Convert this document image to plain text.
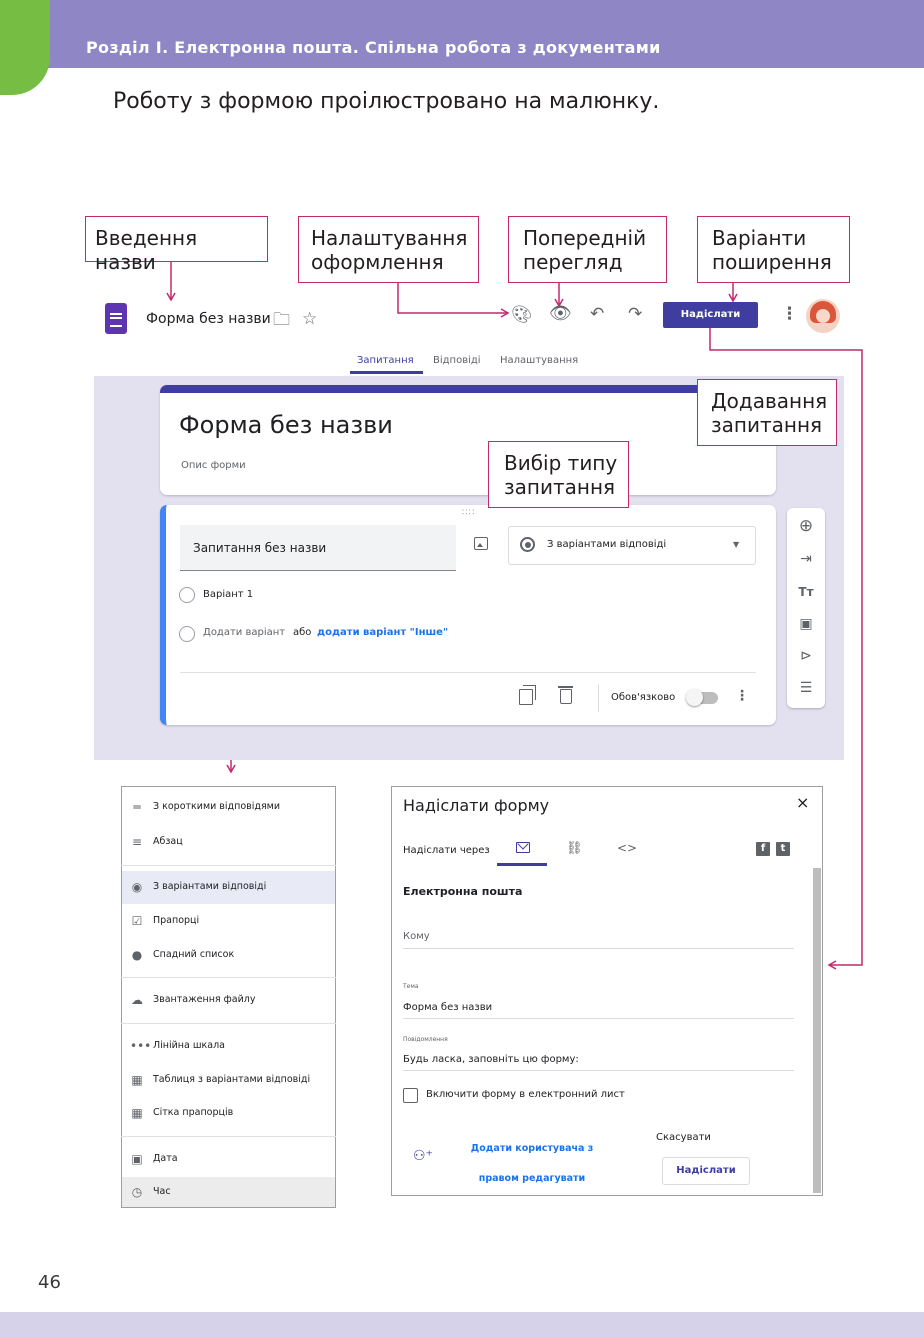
Розділ І. Електронна пошта. Спільна робота з документами
Роботу з формою проілюстровано на малюнку.
Введення назви
Налаштування
оформлення
Попередній
перегляд
Варіанти
поширення
Форма без назви 🗀 ☆	🎨︎ 👁︎ ↶ ↷	Надіслати	⋮
Запитання Відповіді Налаштування
Форма без назви
Опис форми
∷∷
Запитання без назви	З варіантами відповіді	▼
Варіант 1
Додати варіант або додати варіант "Інше"
Обов'язково	⋮
⊕
⇥
Tт
▣
⊳
☰
Додавання
запитання
Вибір типу
запитання
═	З короткими відповідями
≡ Абзац
◉ З варіантами відповіді
☑ Прапорці
● Спадний список
☁ Звантаження файлу
••• Лінійна шкала
▦ Таблиця з варіантами відповіді
▦ Сітка прапорців
▣ Дата
◷ Час
Надіслати форму	×
Надіслати через	⛓	<>	f	t
Електронна пошта
Кому
Тема
Форма без назви
Повідомлення
Будь ласка, заповніть цю форму:
Включити форму в електронний лист
⚇⁺	Додати користувача з правом редагувати
Скасувати
Надіслати
46
